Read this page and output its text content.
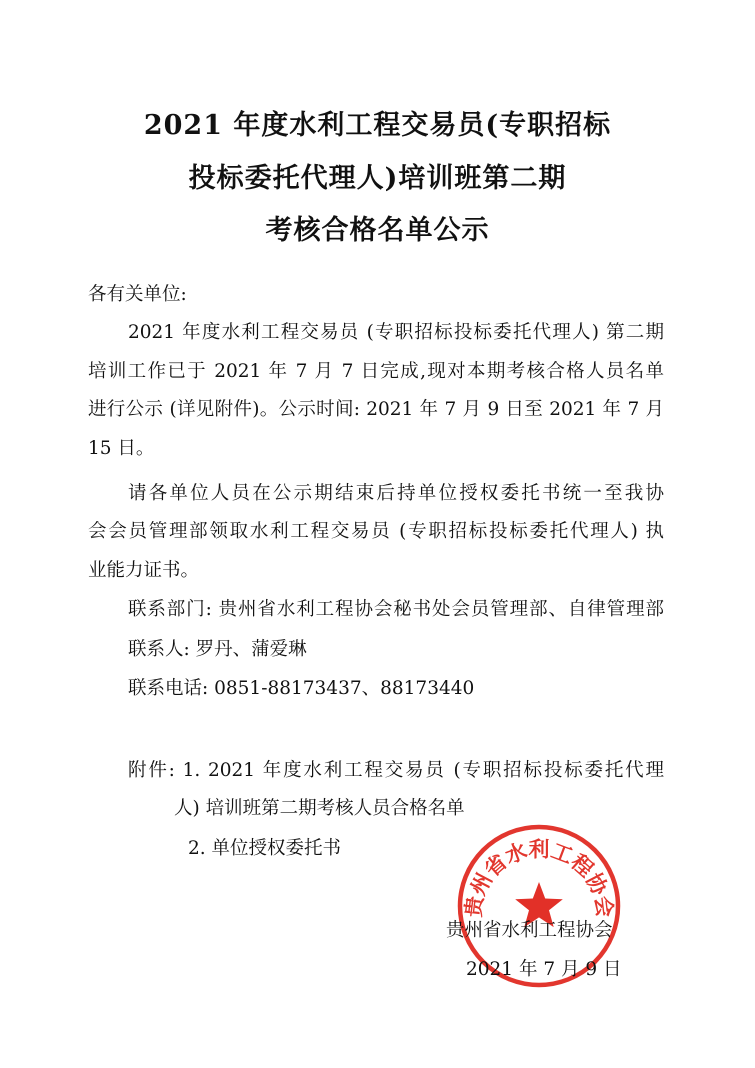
2021 年度水利工程交易员(专职招标
投标委托代理人)培训班第二期
考核合格名单公示
各有关单位:
2021 年度水利工程交易员 (专职招标投标委托代理人) 第二期
培训工作已于 2021 年 7 月 7 日完成,现对本期考核合格人员名单
进行公示 (详见附件)。公示时间: 2021 年 7 月 9 日至 2021 年 7 月
15 日。
请各单位人员在公示期结束后持单位授权委托书统一至我协
会会员管理部领取水利工程交易员 (专职招标投标委托代理人) 执
业能力证书。
联系部门: 贵州省水利工程协会秘书处会员管理部、自律管理部
联系人: 罗丹、蒲爱琳
联系电话: 0851-88173437、88173440
附件: 1. 2021 年度水利工程交易员 (专职招标投标委托代理
人) 培训班第二期考核人员合格名单
2. 单位授权委托书
贵州省水利工程协会
贵州省水利工程协会
2021 年 7 月 9 日
